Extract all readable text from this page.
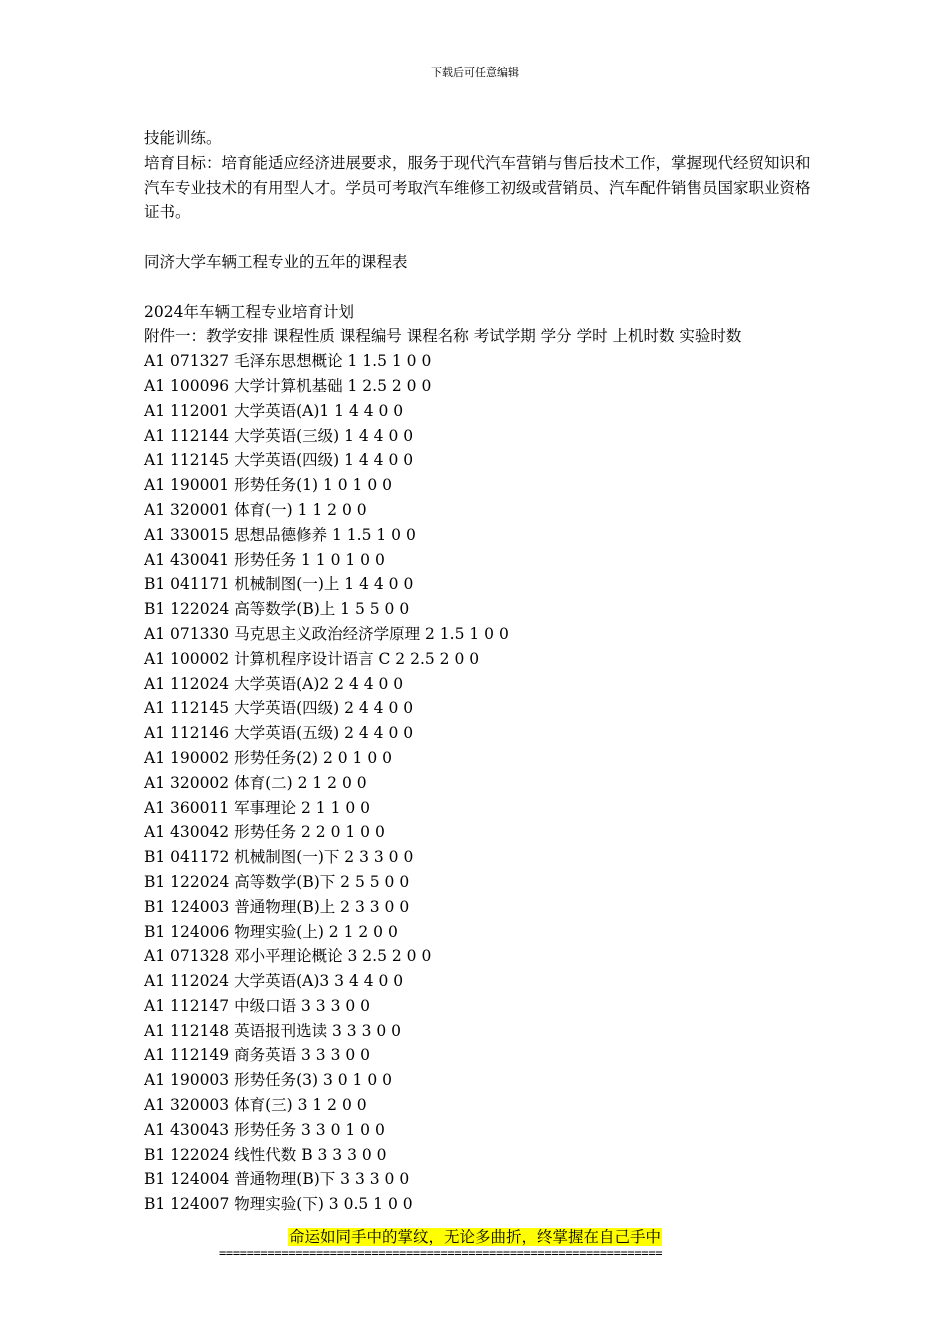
下载后可任意编辑

技能训练。

培育目标：培育能适应经济进展要求，服务于现代汽车营销与售后技术工作，掌握现代经贸知识和汽车专业技术的有用型人才。学员可考取汽车维修工初级或营销员、汽车配件销售员国家职业资格证书。

同济大学车辆工程专业的五年的课程表

2024年车辆工程专业培育计划

附件一：教学安排 课程性质 课程编号 课程名称 考试学期 学分 学时 上机时数 实验时数

A1 071327 毛泽东思想概论 1 1.5 1 0 0
A1 100096 大学计算机基础 1 2.5 2 0 0
A1 112001 大学英语(A)1 1 4 4 0 0
A1 112144 大学英语(三级) 1 4 4 0 0
A1 112145 大学英语(四级) 1 4 4 0 0
A1 190001 形势任务(1) 1 0 1 0 0
A1 320001 体育(一) 1 1 2 0 0
A1 330015 思想品德修养 1 1.5 1 0 0
A1 430041 形势任务 1 1 0 1 0 0
B1 041171 机械制图(一)上 1 4 4 0 0
B1 122024 高等数学(B)上 1 5 5 0 0
A1 071330 马克思主义政治经济学原理 2 1.5 1 0 0
A1 100002 计算机程序设计语言 C 2 2.5 2 0 0
A1 112024 大学英语(A)2 2 4 4 0 0
A1 112145 大学英语(四级) 2 4 4 0 0
A1 112146 大学英语(五级) 2 4 4 0 0
A1 190002 形势任务(2) 2 0 1 0 0
A1 320002 体育(二) 2 1 2 0 0
A1 360011 军事理论 2 1 1 0 0
A1 430042 形势任务 2 2 0 1 0 0
B1 041172 机械制图(一)下 2 3 3 0 0
B1 122024 高等数学(B)下 2 5 5 0 0
B1 124003 普通物理(B)上 2 3 3 0 0
B1 124006 物理实验(上) 2 1 2 0 0
A1 071328 邓小平理论概论 3 2.5 2 0 0
A1 112024 大学英语(A)3 3 4 4 0 0
A1 112147 中级口语 3 3 3 0 0
A1 112148 英语报刊选读 3 3 3 0 0
A1 112149 商务英语 3 3 3 0 0
A1 190003 形势任务(3) 3 0 1 0 0
A1 320003 体育(三) 3 1 2 0 0
A1 430043 形势任务 3 3 0 1 0 0
B1 122024 线性代数 B 3 3 3 0 0
B1 124004 普通物理(B)下 3 3 3 0 0
B1 124007 物理实验(下) 3 0.5 1 0 0
命运如同手中的掌纹，无论多曲折，终掌握在自己手中
================================================================
